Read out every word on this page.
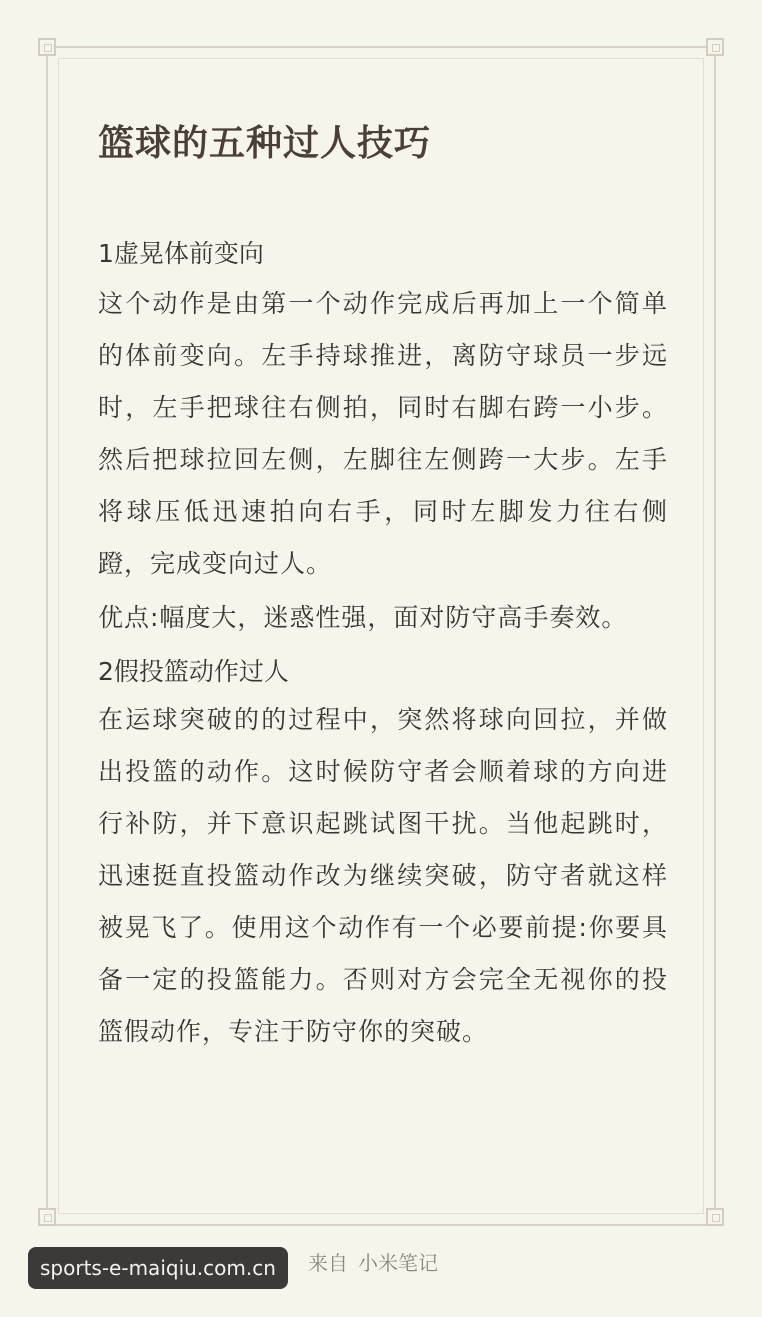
篮球的五种过人技巧

1虚晃体前变向

这个动作是由第一个动作完成后再加上一个简单的体前变向。左手持球推进，离防守球员一步远时，左手把球往右侧拍，同时右脚右跨一小步。然后把球拉回左侧，左脚往左侧跨一大步。左手将球压低迅速拍向右手，同时左脚发力往右侧蹬，完成变向过人。

优点:幅度大，迷惑性强，面对防守高手奏效。

2假投篮动作过人

在运球突破的的过程中，突然将球向回拉，并做出投篮的动作。这时候防守者会顺着球的方向进行补防，并下意识起跳试图干扰。当他起跳时，迅速挺直投篮动作改为继续突破，防守者就这样被晃飞了。使用这个动作有一个必要前提:你要具备一定的投篮能力。否则对方会完全无视你的投篮假动作，专注于防守你的突破。

sports-e-maiqiu.com.cn	来自 小米笔记
